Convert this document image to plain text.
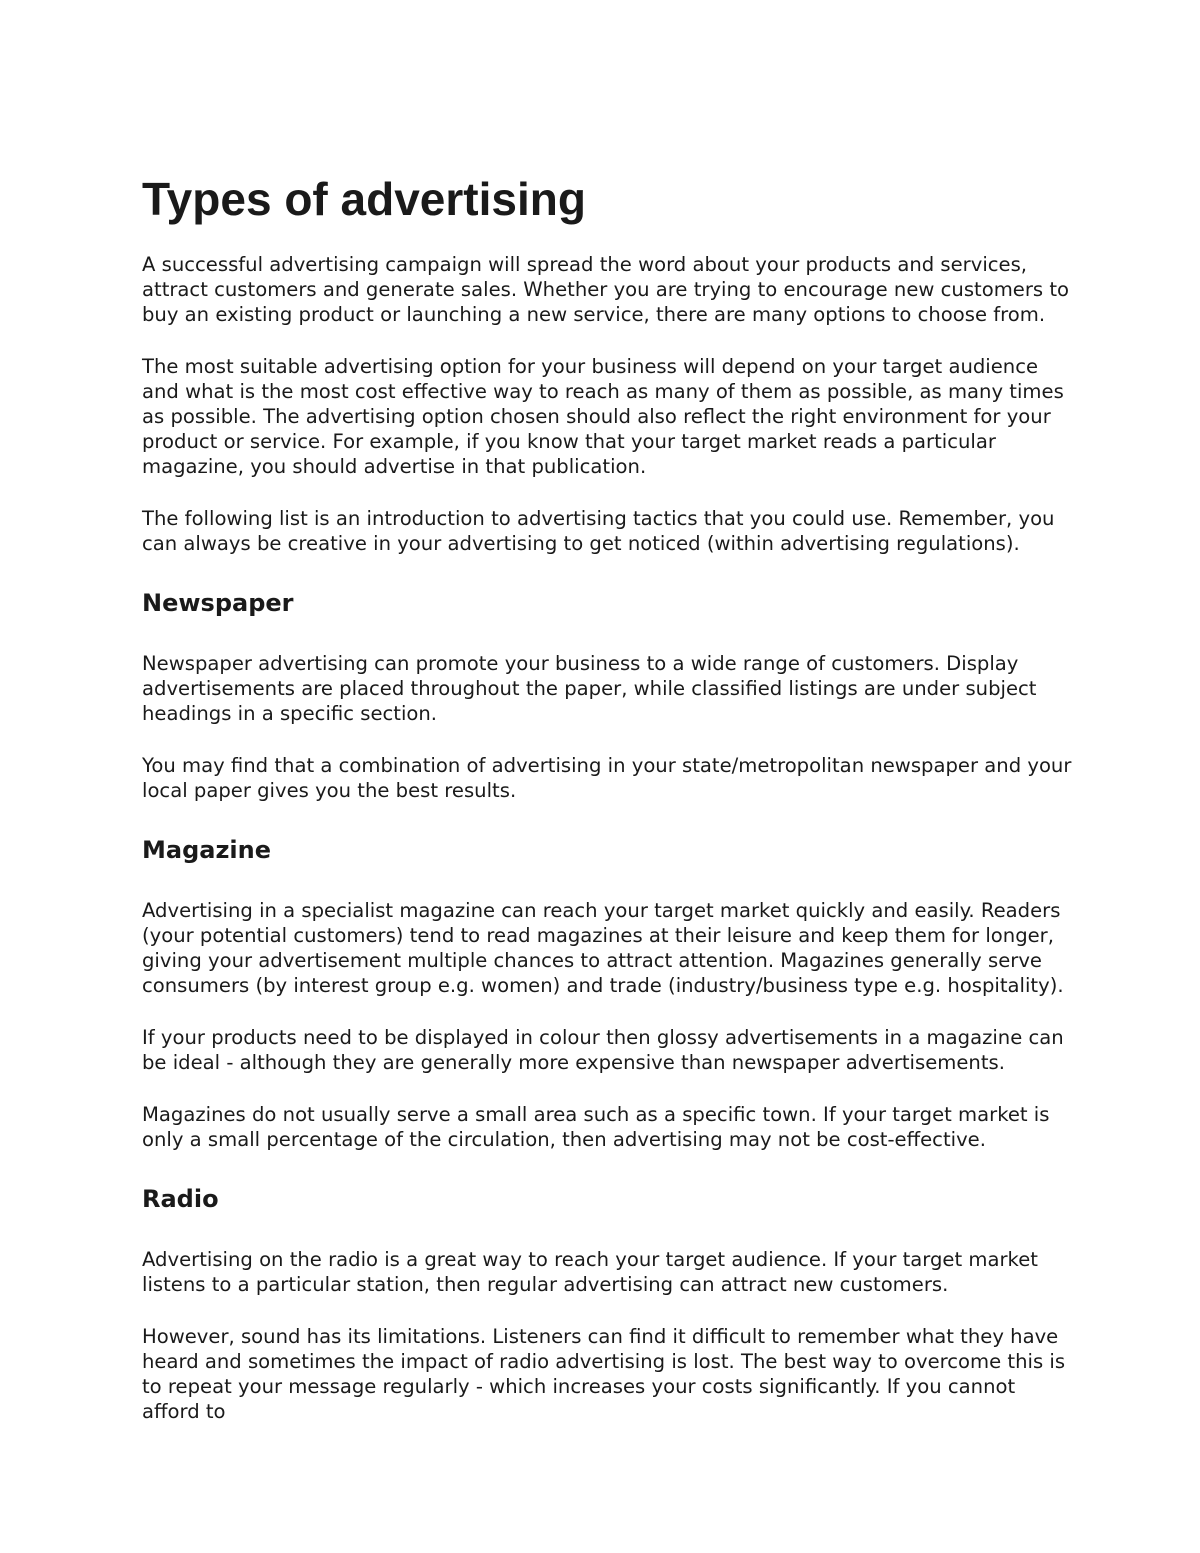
Types of advertising

A successful advertising campaign will spread the word about your products and services, attract customers and generate sales. Whether you are trying to encourage new customers to buy an existing product or launching a new service, there are many options to choose from.

The most suitable advertising option for your business will depend on your target audience and what is the most cost effective way to reach as many of them as possible, as many times as possible. The advertising option chosen should also reflect the right environment for your product or service. For example, if you know that your target market reads a particular magazine, you should advertise in that publication.

The following list is an introduction to advertising tactics that you could use. Remember, you can always be creative in your advertising to get noticed (within advertising regulations).

Newspaper

Newspaper advertising can promote your business to a wide range of customers. Display advertisements are placed throughout the paper, while classified listings are under subject headings in a specific section.

You may find that a combination of advertising in your state/metropolitan newspaper and your local paper gives you the best results.

Magazine

Advertising in a specialist magazine can reach your target market quickly and easily. Readers (your potential customers) tend to read magazines at their leisure and keep them for longer, giving your advertisement multiple chances to attract attention. Magazines generally serve consumers (by interest group e.g. women) and trade (industry/business type e.g. hospitality).

If your products need to be displayed in colour then glossy advertisements in a magazine can be ideal - although they are generally more expensive than newspaper advertisements.

Magazines do not usually serve a small area such as a specific town. If your target market is only a small percentage of the circulation, then advertising may not be cost-effective.

Radio

Advertising on the radio is a great way to reach your target audience. If your target market listens to a particular station, then regular advertising can attract new customers.

However, sound has its limitations. Listeners can find it difficult to remember what they have heard and sometimes the impact of radio advertising is lost. The best way to overcome this is to repeat your message regularly - which increases your costs significantly. If you cannot afford to
